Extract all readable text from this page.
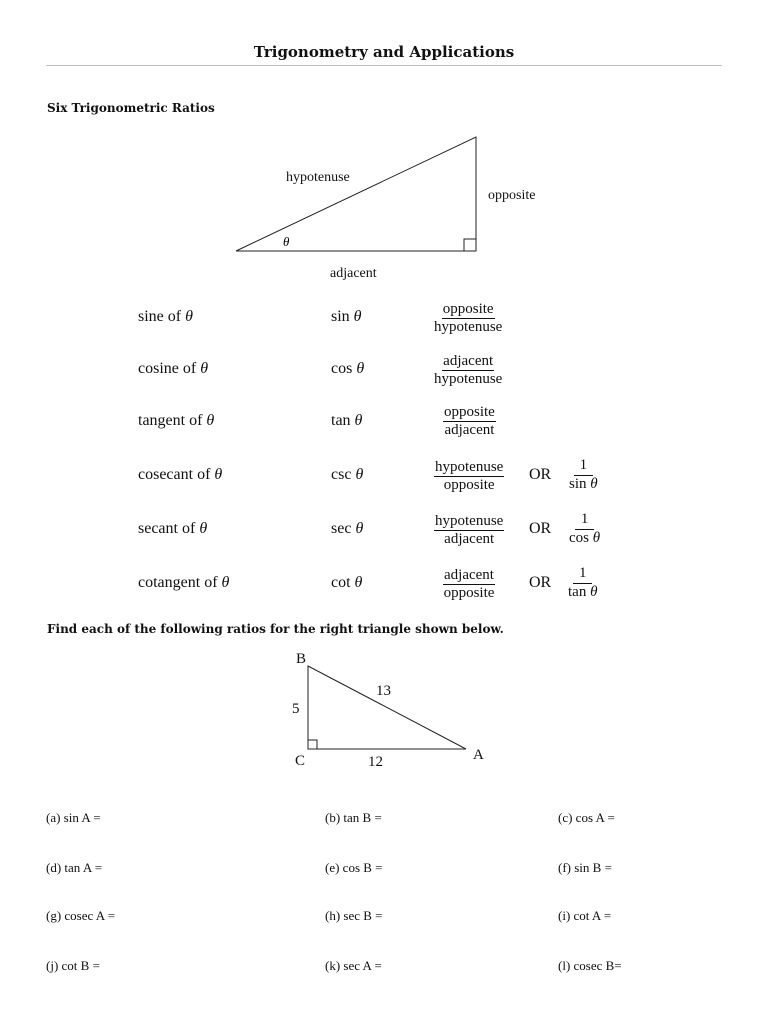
Trigonometry and Applications
Six Trigonometric Ratios
hypotenuse
opposite
adjacent
θ
sine of θ	sin θ	opposite
hypotenuse
cosine of θ	cos θ	adjacent
hypotenuse
tangent of θ	tan θ	opposite
adjacent
cosecant of θ	csc θ	hypotenuse
opposite
OR $\frac{1}{\text{sin θ}}$
secant of θ	sec θ	hypotenuse
adjacent
OR $\frac{1}{\text{cos θ}}$
cotangent of θ	cot θ	adjacent
opposite
OR $\frac{1}{\text{tan θ}}$
Find each of the following ratios for the right triangle shown below.
B
C	A
5
13
12
(a) sin A =	(b) tan B =	(c) cos A =
(d) tan A =	(e) cos B =	(f) sin B =
(g) cosec A =	(h) sec B =	(i) cot A =
(j) cot B =	(k) sec A =	(l) cosec B=
